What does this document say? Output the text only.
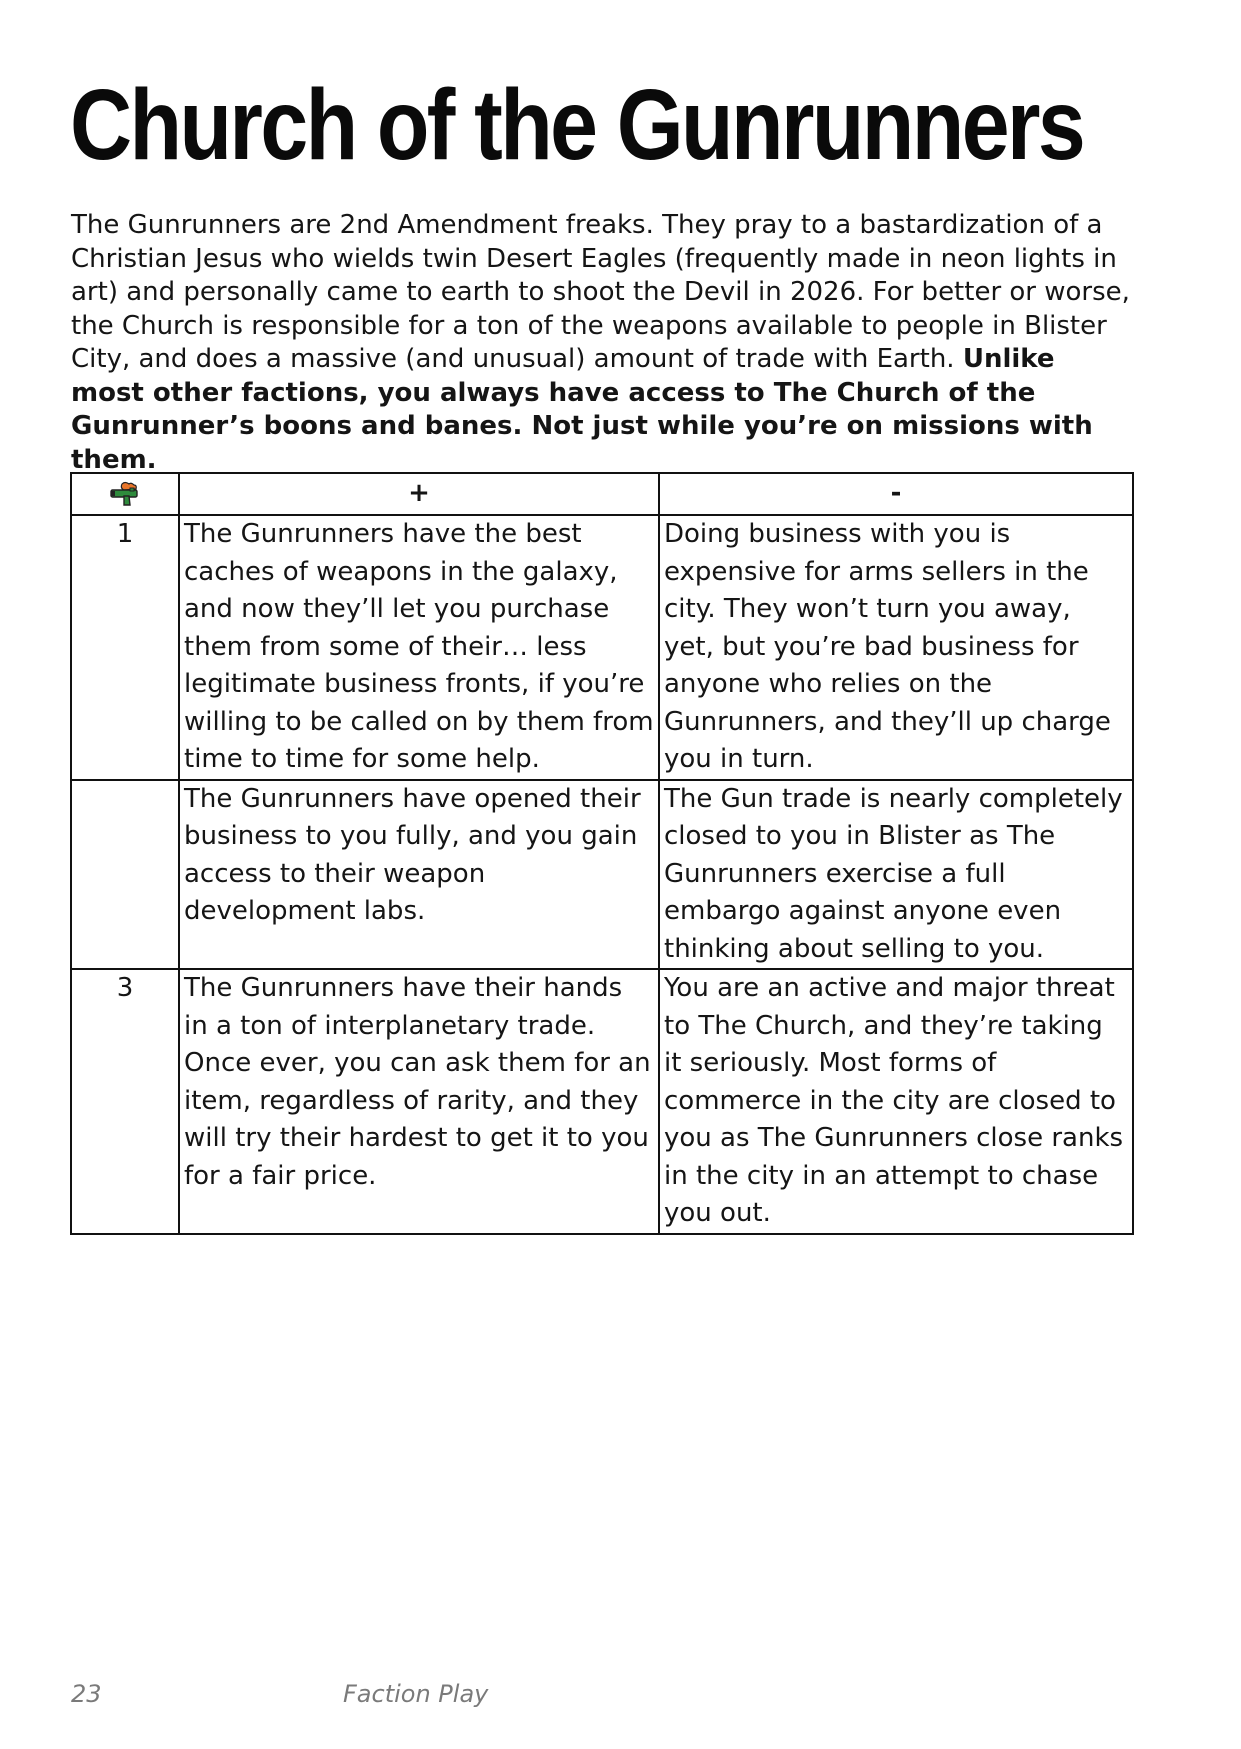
Church of the Gunrunners

The Gunrunners are 2nd Amendment freaks. They pray to a bastardization of a Christian Jesus who wields twin Desert Eagles (frequently made in neon lights in art) and personally came to earth to shoot the Devil in 2026. For better or worse, the Church is responsible for a ton of the weapons available to people in Blister City, and does a massive (and unusual) amount of trade with Earth. Unlike most other factions, you always have access to The Church of the Gunrunner’s boons and banes. Not just while you’re on missions with them.

	+	-
1	The Gunrunners have the best caches of weapons in the galaxy, and now they’ll let you purchase them from some of their… less legitimate business fronts, if you’re willing to be called on by them from time to time for some help.	Doing business with you is expensive for arms sellers in the city. They won’t turn you away, yet, but you’re bad business for anyone who relies on the Gunrunners, and they’ll up charge you in turn.
	The Gunrunners have opened their business to you fully, and you gain access to their weapon development labs.	The Gun trade is nearly completely closed to you in Blister as The Gunrunners exercise a full embargo against anyone even thinking about selling to you.
3	The Gunrunners have their hands in a ton of interplanetary trade. Once ever, you can ask them for an item, regardless of rarity, and they will try their hardest to get it to you for a fair price.	You are an active and major threat to The Church, and they’re taking it seriously. Most forms of commerce in the city are closed to you as The Gunrunners close ranks in the city in an attempt to chase you out.
23	Faction Play
